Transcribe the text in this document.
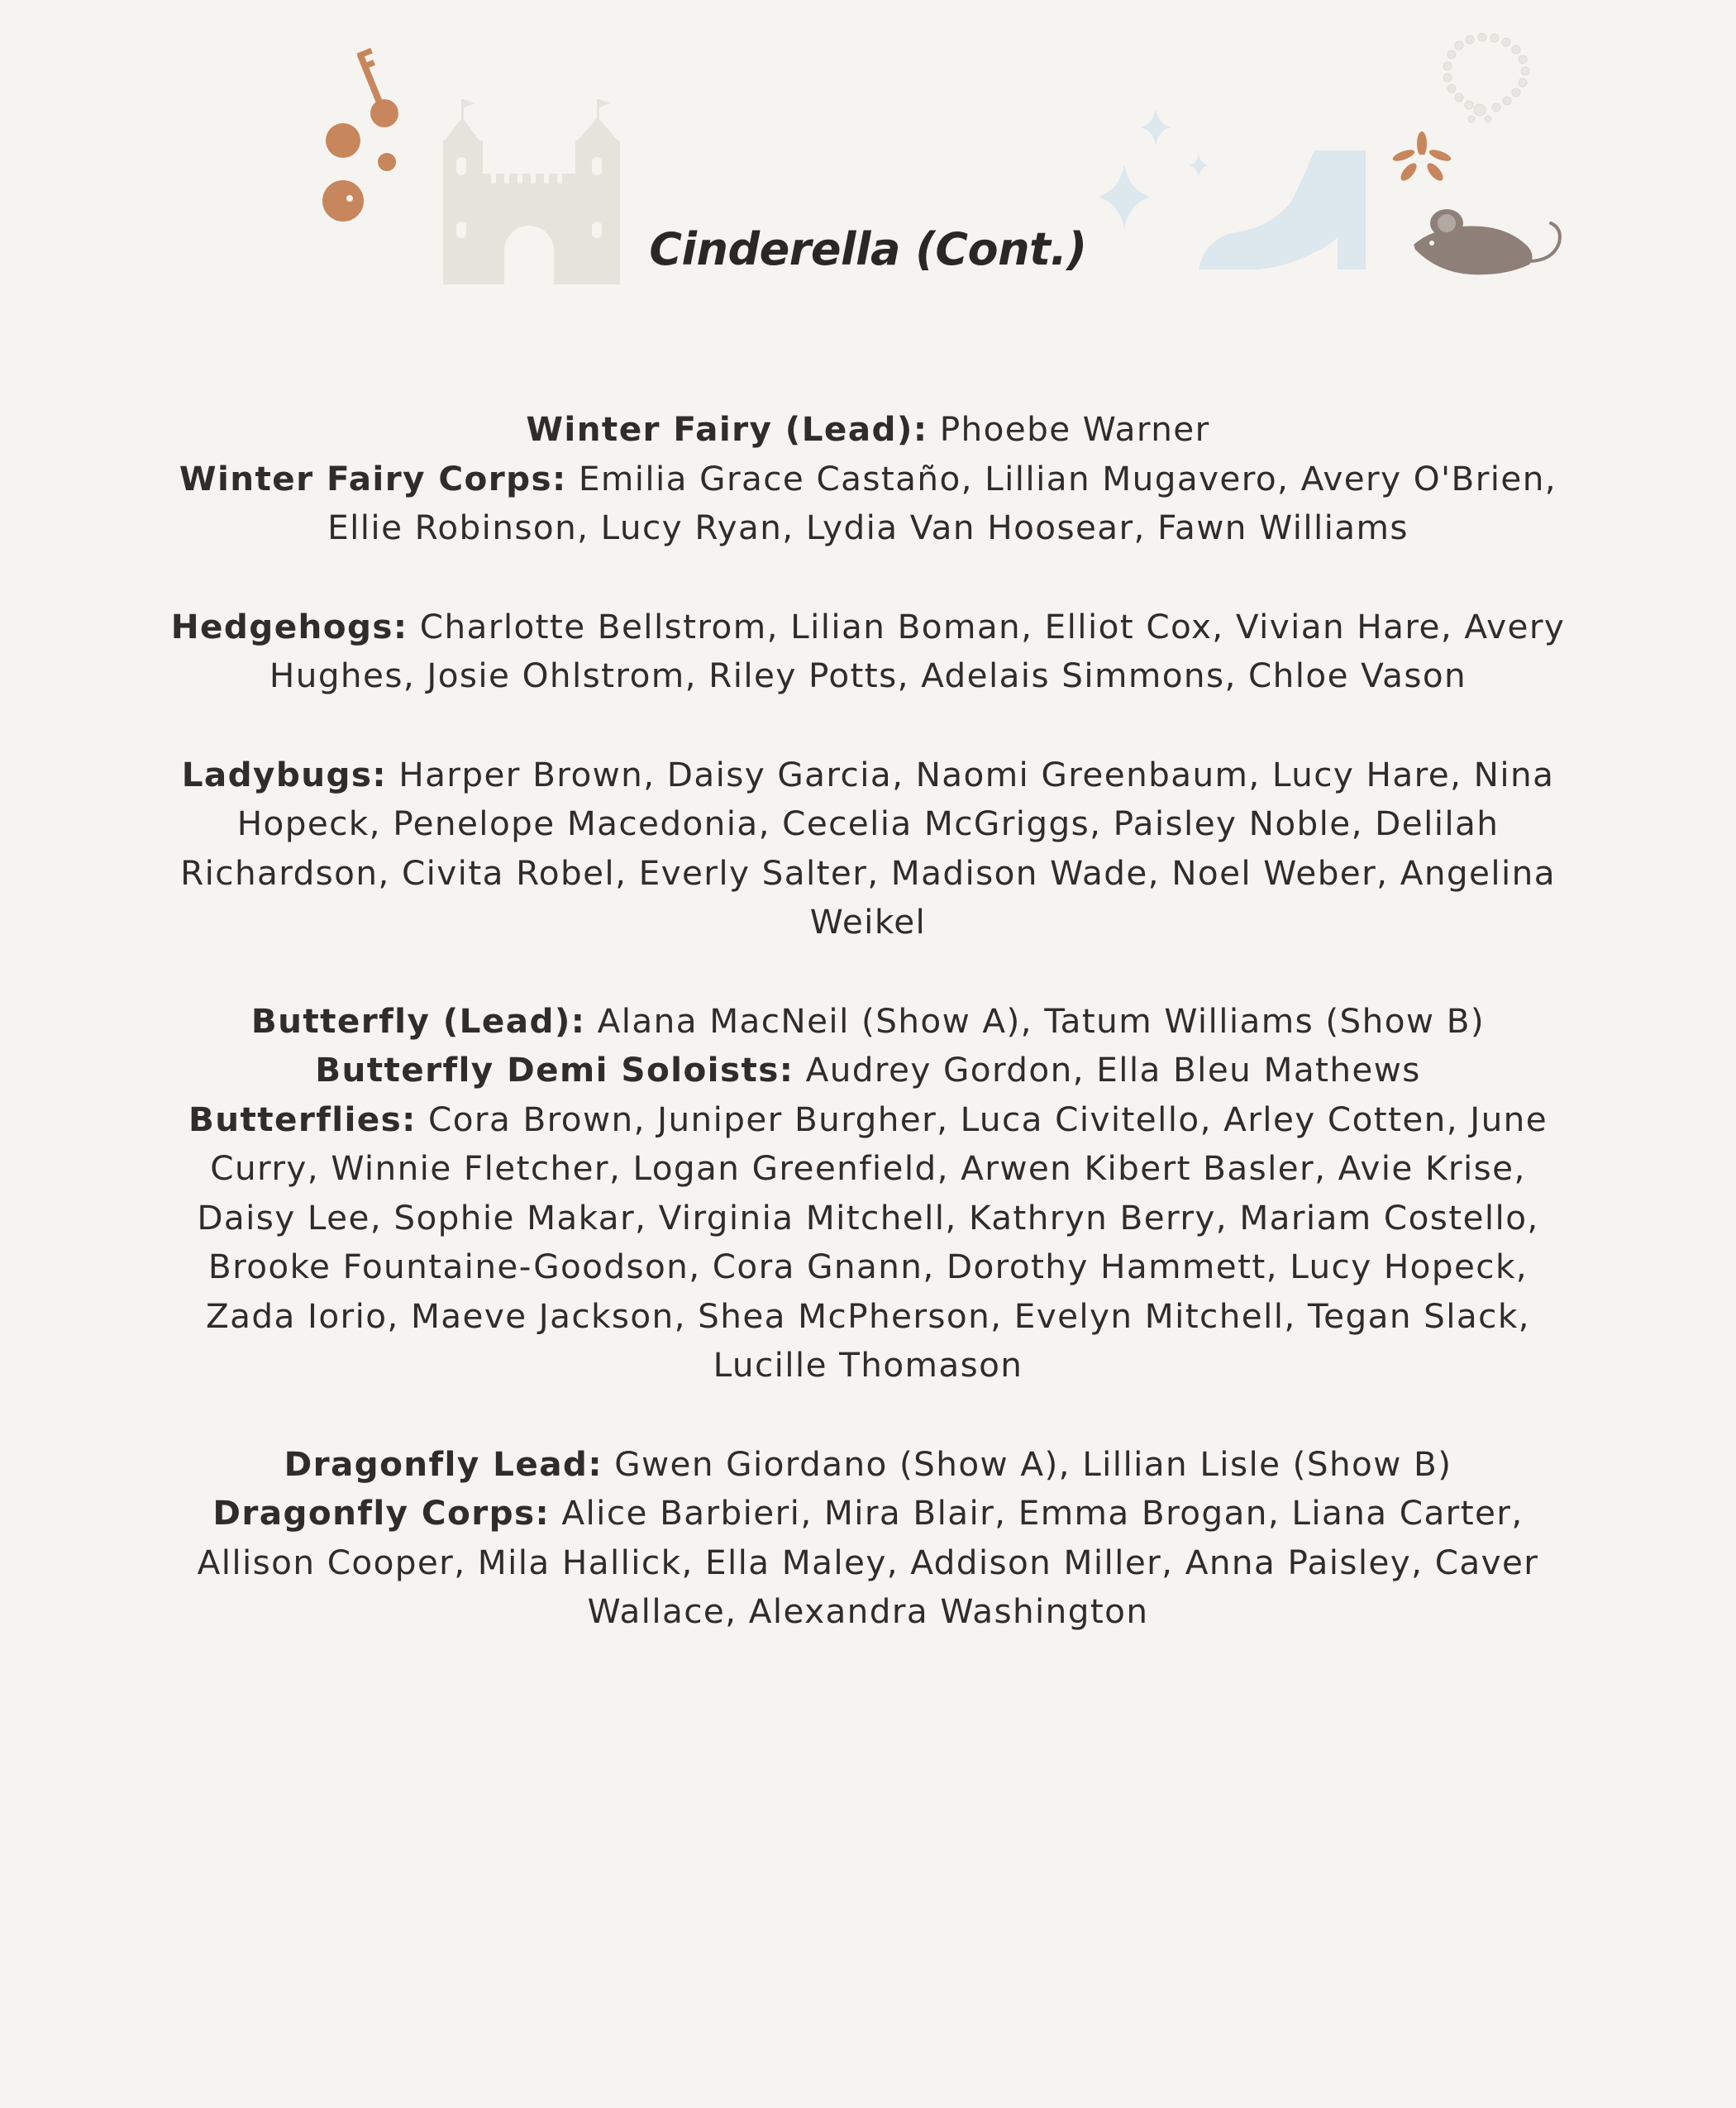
Cinderella (Cont.)
Winter Fairy (Lead): Phoebe Warner
Winter Fairy Corps: Emilia Grace Castaño, Lillian Mugavero, Avery O'Brien, Ellie Robinson, Lucy Ryan, Lydia Van Hoosear, Fawn Williams
Hedgehogs: Charlotte Bellstrom, Lilian Boman, Elliot Cox, Vivian Hare, Avery Hughes, Josie Ohlstrom, Riley Potts, Adelais Simmons, Chloe Vason
Ladybugs: Harper Brown, Daisy Garcia, Naomi Greenbaum, Lucy Hare, Nina Hopeck, Penelope Macedonia, Cecelia McGriggs, Paisley Noble, Delilah Richardson, Civita Robel, Everly Salter, Madison Wade, Noel Weber, Angelina Weikel
Butterfly (Lead): Alana MacNeil (Show A), Tatum Williams (Show B)
Butterfly Demi Soloists: Audrey Gordon, Ella Bleu Mathews
Butterflies: Cora Brown, Juniper Burgher, Luca Civitello, Arley Cotten, June Curry, Winnie Fletcher, Logan Greenfield, Arwen Kibert Basler, Avie Krise, Daisy Lee, Sophie Makar, Virginia Mitchell, Kathryn Berry, Mariam Costello, Brooke Fountaine-Goodson, Cora Gnann, Dorothy Hammett, Lucy Hopeck, Zada Iorio, Maeve Jackson, Shea McPherson, Evelyn Mitchell, Tegan Slack, Lucille Thomason
Dragonfly Lead: Gwen Giordano (Show A), Lillian Lisle (Show B)
Dragonfly Corps: Alice Barbieri, Mira Blair, Emma Brogan, Liana Carter, Allison Cooper, Mila Hallick, Ella Maley, Addison Miller, Anna Paisley, Caver Wallace, Alexandra Washington
